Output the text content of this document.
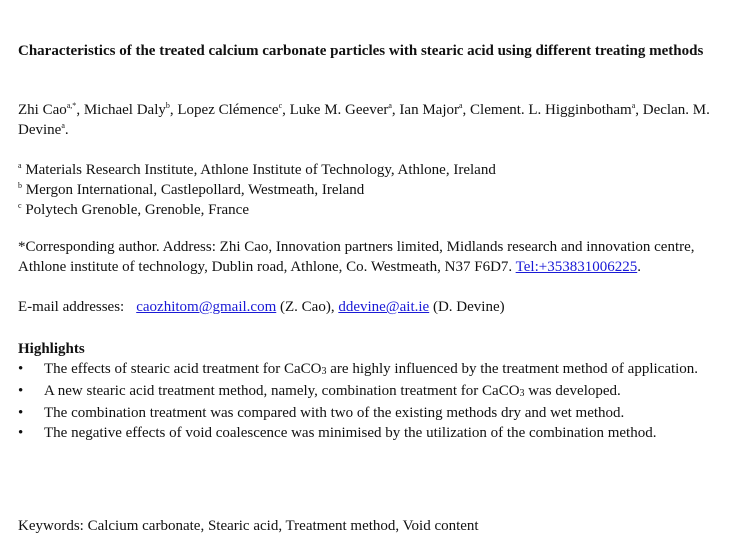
Characteristics of the treated calcium carbonate particles with stearic acid using different treating methods
Zhi Cao$^{a,*}$, Michael Daly$^b$, Lopez Clémence$^c$, Luke M. Geever$^a$, Ian Major$^a$, Clement. L. Higginbotham$^a$, Declan. M. Devine$^a$.
$^a$ Materials Research Institute, Athlone Institute of Technology, Athlone, Ireland
$^b$ Mergon International, Castlepollard, Westmeath, Ireland
$^c$ Polytech Grenoble, Grenoble, France
*Corresponding author. Address: Zhi Cao, Innovation partners limited, Midlands research and innovation centre, Athlone institute of technology, Dublin road, Athlone, Co. Westmeath, N37 F6D7. Tel:+353831006225.
E-mail addresses: caozhitom@gmail.com (Z. Cao), ddevine@ait.ie (D. Devine)
Highlights
• The effects of stearic acid treatment for CaCO$_3$ are highly influenced by the treatment method of application.
• A new stearic acid treatment method, namely, combination treatment for CaCO$_3$ was developed.
• The combination treatment was compared with two of the existing methods dry and wet method.
• The negative effects of void coalescence was minimised by the utilization of the combination method.
Keywords: Calcium carbonate, Stearic acid, Treatment method, Void content
